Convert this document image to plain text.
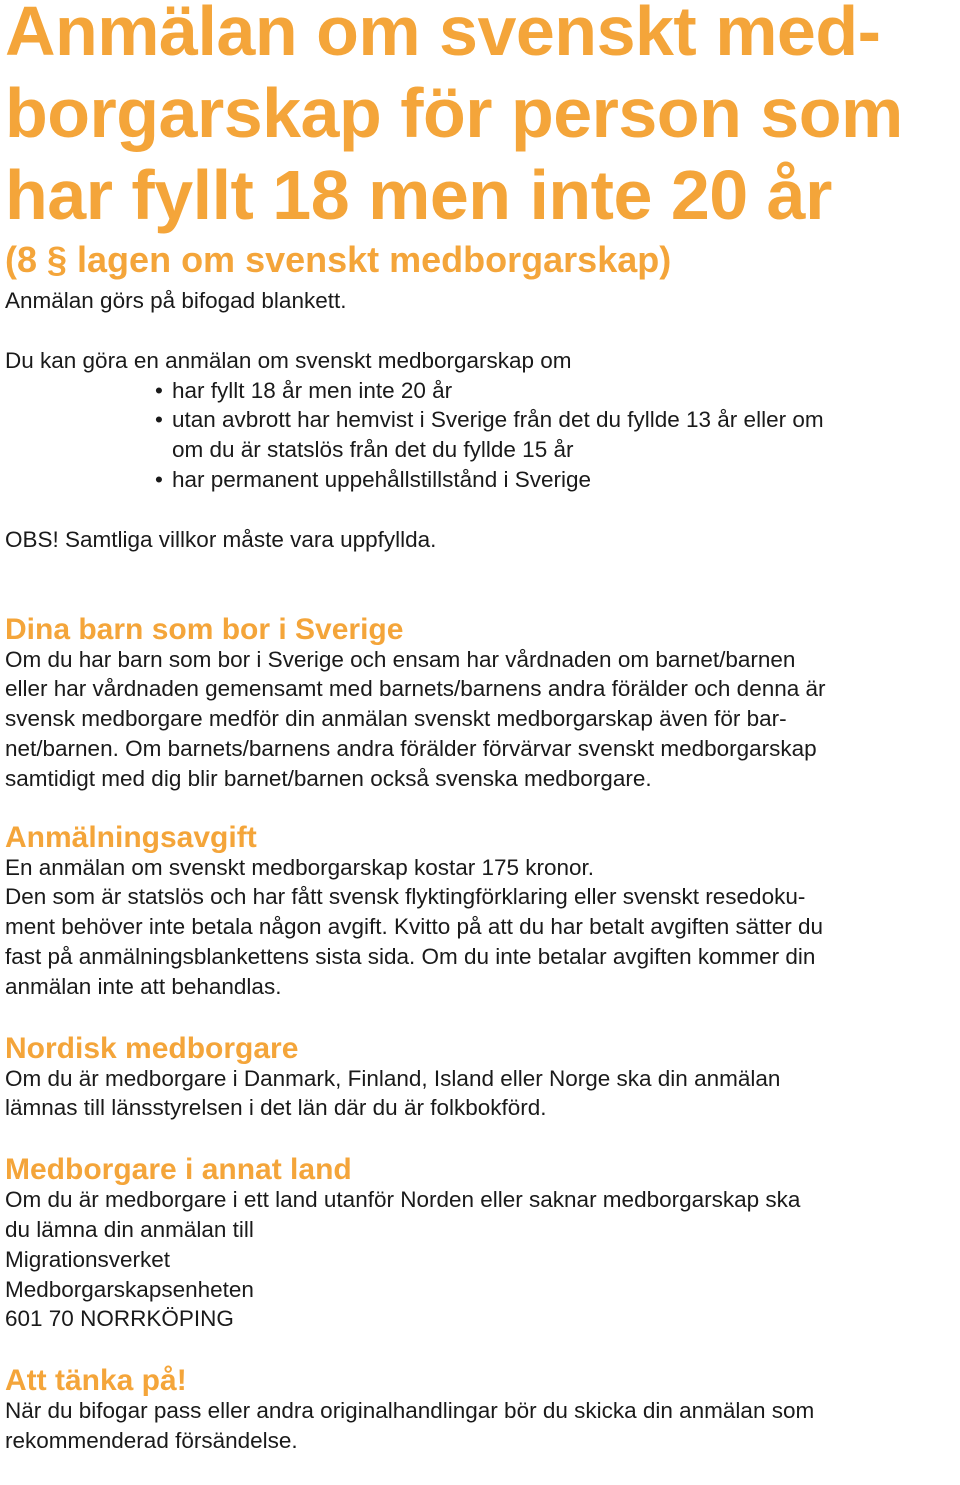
Anmälan om svenskt med-
borgarskap för person som
har fyllt 18 men inte 20 år
(8 § lagen om svenskt medborgarskap)
Anmälan görs på bifogad blankett.
Du kan göra en anmälan om svenskt medborgarskap om
• har fyllt 18 år men inte 20 år
• utan avbrott har hemvist i Sverige från det du fyllde 13 år eller om
om du är statslös från det du fyllde 15 år
• har permanent uppehållstillstånd i Sverige
OBS! Samtliga villkor måste vara uppfyllda.
Dina barn som bor i Sverige
Om du har barn som bor i Sverige och ensam har vårdnaden om barnet/barnen
eller har vårdnaden gemensamt med barnets/barnens andra förälder och denna är
svensk medborgare medför din anmälan svenskt medborgarskap även för bar-
net/barnen. Om barnets/barnens andra förälder förvärvar svenskt medborgarskap
samtidigt med dig blir barnet/barnen också svenska medborgare.
Anmälningsavgift
En anmälan om svenskt medborgarskap kostar 175 kronor.
Den som är statslös och har fått svensk flyktingförklaring eller svenskt resedoku-
ment behöver inte betala någon avgift. Kvitto på att du har betalt avgiften sätter du
fast på anmälningsblankettens sista sida. Om du inte betalar avgiften kommer din
anmälan inte att behandlas.
Nordisk medborgare
Om du är medborgare i Danmark, Finland, Island eller Norge ska din anmälan
lämnas till länsstyrelsen i det län där du är folkbokförd.
Medborgare i annat land
Om du är medborgare i ett land utanför Norden eller saknar medborgarskap ska
du lämna din anmälan till
Migrationsverket
Medborgarskapsenheten
601 70 NORRKÖPING
Att tänka på!
När du bifogar pass eller andra originalhandlingar bör du skicka din anmälan som
rekommenderad försändelse.
